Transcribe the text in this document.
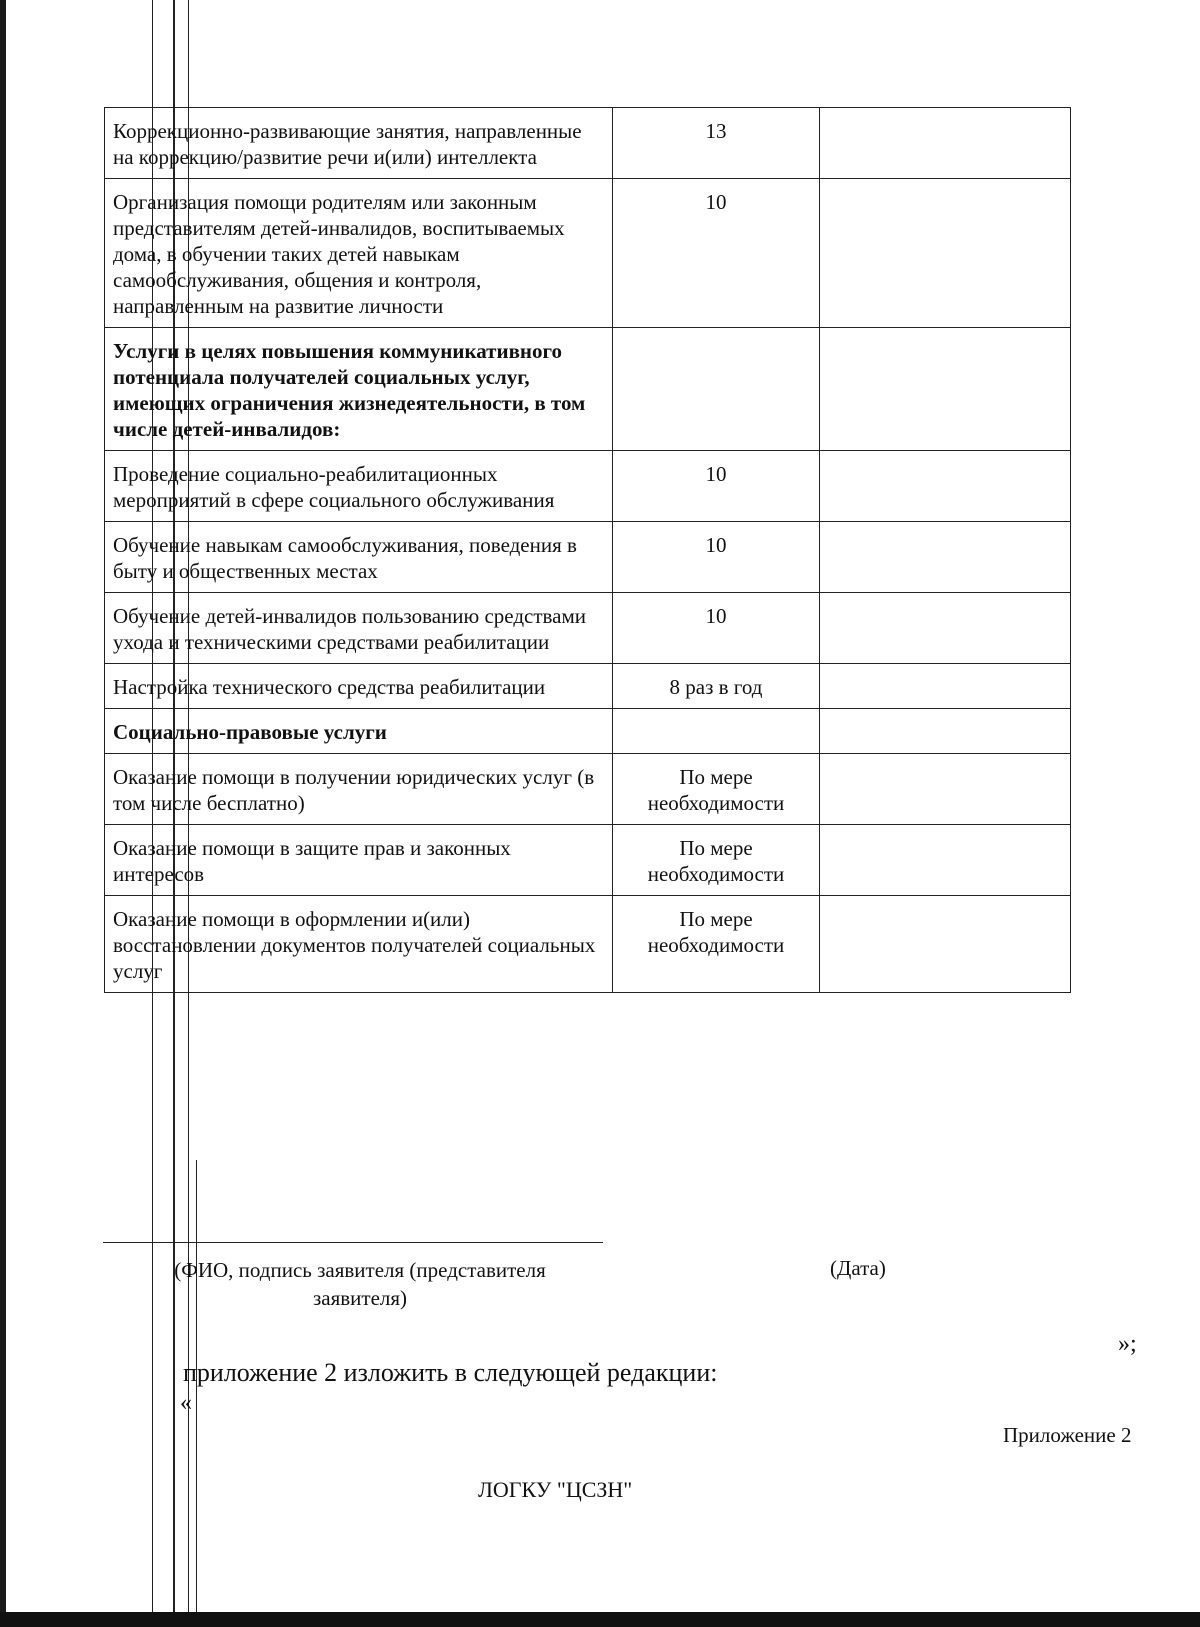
Коррекционно-развивающие занятия, направленные на коррекцию/развитие речи и(или) интеллекта	13	
Организация помощи родителям или законным представителям детей-инвалидов, воспитываемых дома, в обучении таких детей навыкам самообслуживания, общения и контроля, направленным на развитие личности	10	
Услуги в целях повышения коммуникативного потенциала получателей социальных услуг, имеющих ограничения жизнедеятельности, в том числе детей-инвалидов:		
Проведение социально-реабилитационных мероприятий в сфере социального обслуживания	10	
Обучение навыкам самообслуживания, поведения в быту и общественных местах	10	
Обучение детей-инвалидов пользованию средствами ухода и техническими средствами реабилитации	10	
Настройка технического средства реабилитации	8 раз в год	
Социально-правовые услуги		
Оказание помощи в получении юридических услуг (в том числе бесплатно)	По мере необходимости	
Оказание помощи в защите прав и законных интересов	По мере необходимости	
Оказание помощи в оформлении и(или) восстановлении документов получателей социальных услуг	По мере необходимости	
(ФИО, подпись заявителя (представителя
заявителя)
(Дата)
»;
приложение 2 изложить в следующей редакции:
«
Приложение 2
ЛОГКУ "ЦСЗН"
